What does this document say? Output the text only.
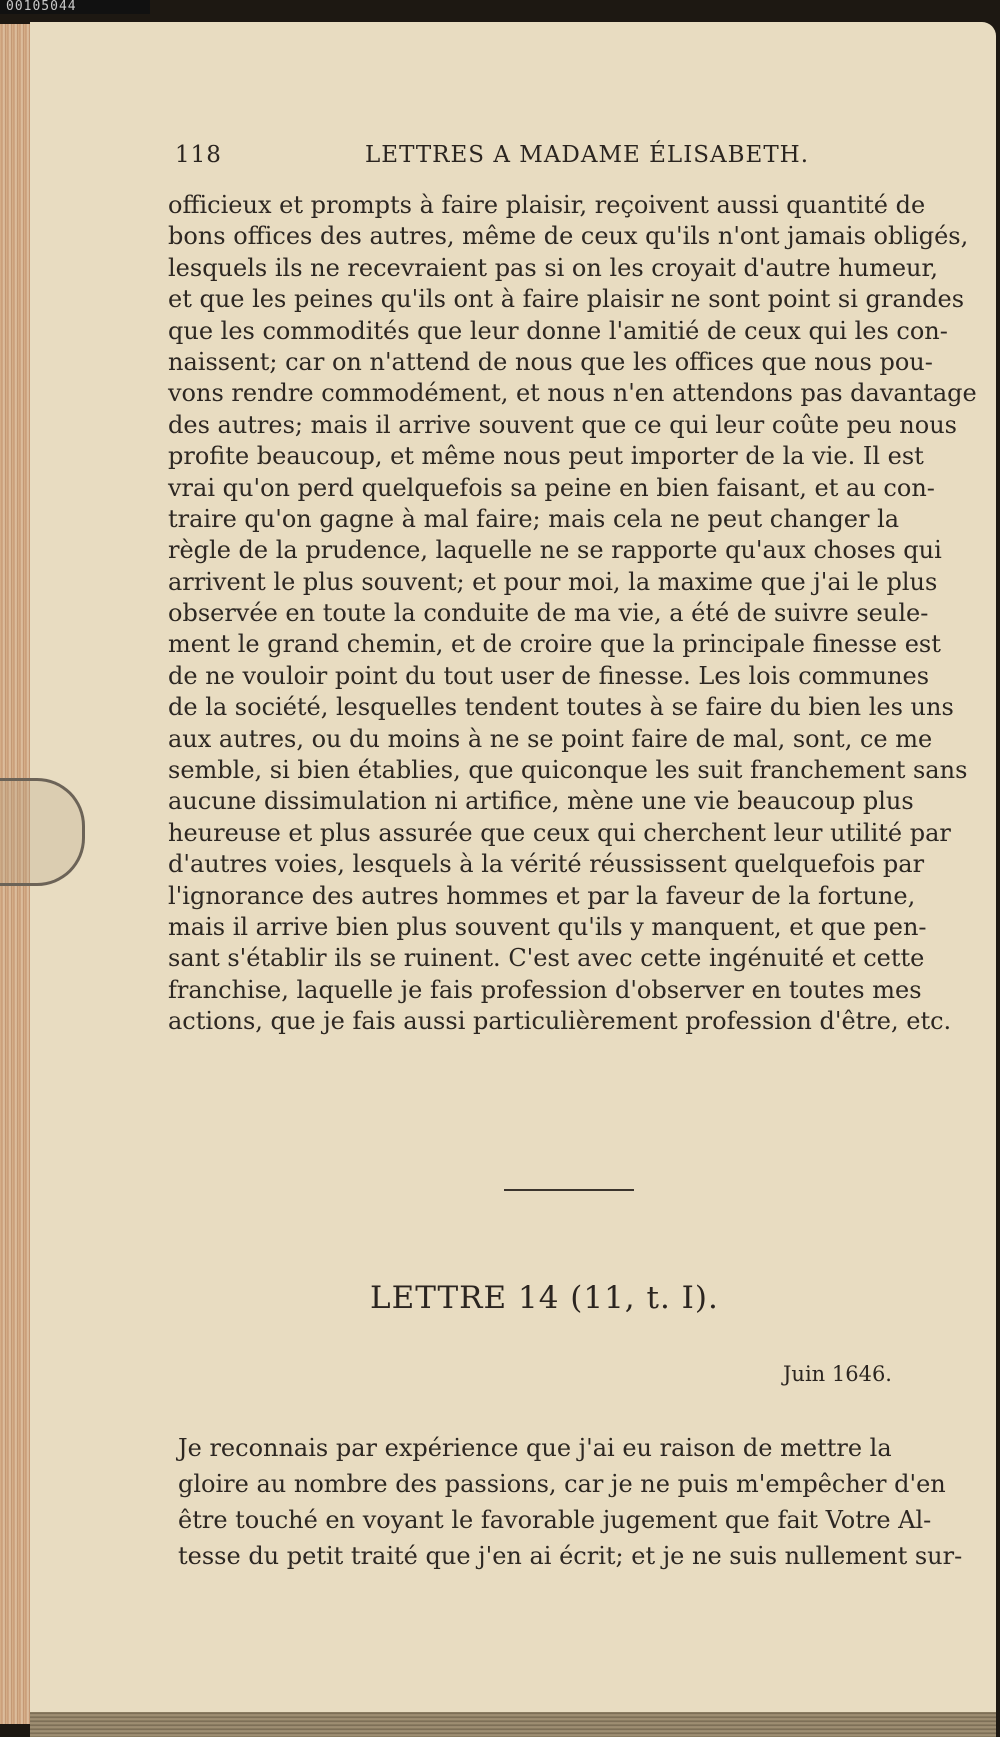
00105044
118	LETTRES A MADAME ÉLISABETH.
officieux et prompts à faire plaisir, reçoivent aussi quantité de
bons offices des autres, même de ceux qu'ils n'ont jamais obligés,
lesquels ils ne recevraient pas si on les croyait d'autre humeur,
et que les peines qu'ils ont à faire plaisir ne sont point si grandes
que les commodités que leur donne l'amitié de ceux qui les con-
naissent; car on n'attend de nous que les offices que nous pou-
vons rendre commodément, et nous n'en attendons pas davantage
des autres; mais il arrive souvent que ce qui leur coûte peu nous
profite beaucoup, et même nous peut importer de la vie. Il est
vrai qu'on perd quelquefois sa peine en bien faisant, et au con-
traire qu'on gagne à mal faire; mais cela ne peut changer la
règle de la prudence, laquelle ne se rapporte qu'aux choses qui
arrivent le plus souvent; et pour moi, la maxime que j'ai le plus
observée en toute la conduite de ma vie, a été de suivre seule-
ment le grand chemin, et de croire que la principale finesse est
de ne vouloir point du tout user de finesse. Les lois communes
de la société, lesquelles tendent toutes à se faire du bien les uns
aux autres, ou du moins à ne se point faire de mal, sont, ce me
semble, si bien établies, que quiconque les suit franchement sans
aucune dissimulation ni artifice, mène une vie beaucoup plus
heureuse et plus assurée que ceux qui cherchent leur utilité par
d'autres voies, lesquels à la vérité réussissent quelquefois par
l'ignorance des autres hommes et par la faveur de la fortune,
mais il arrive bien plus souvent qu'ils y manquent, et que pen-
sant s'établir ils se ruinent. C'est avec cette ingénuité et cette
franchise, laquelle je fais profession d'observer en toutes mes
actions, que je fais aussi particulièrement profession d'être, etc.
LETTRE 14 (11, t. I).
Juin 1646.
Je reconnais par expérience que j'ai eu raison de mettre la
gloire au nombre des passions, car je ne puis m'empêcher d'en
être touché en voyant le favorable jugement que fait Votre Al-
tesse du petit traité que j'en ai écrit; et je ne suis nullement sur-
